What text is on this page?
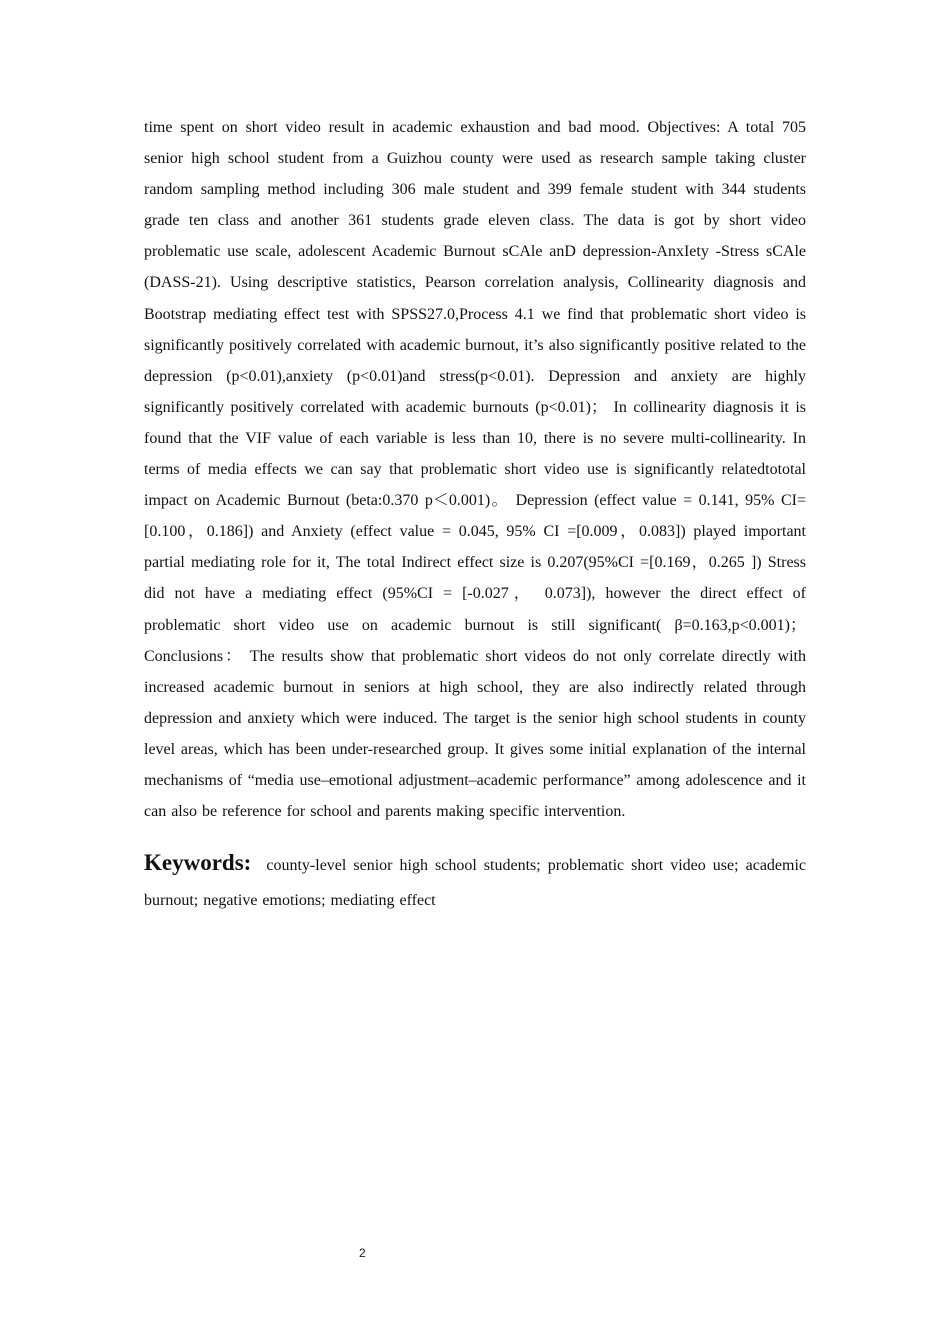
time spent on short video result in academic exhaustion and bad mood. Objectives: A total 705 senior high school student from a Guizhou county were used as research sample taking cluster random sampling method including 306 male student and 399 female student with 344 students grade ten class and another 361 students grade eleven class. The data is got by short video problematic use scale, adolescent Academic Burnout sCAle anD depression-AnxIety -Stress sCAle (DASS-21). Using descriptive statistics, Pearson correlation analysis, Collinearity diagnosis and Bootstrap mediating effect test with SPSS27.0,Process 4.1 we find that problematic short video is significantly positively correlated with academic burnout, it’s also significantly positive related to the depression (p<0.01),anxiety (p<0.01)and stress(p<0.01). Depression and anxiety are highly significantly positively correlated with academic burnouts (p<0.01)； In collinearity diagnosis it is found that the VIF value of each variable is less than 10, there is no severe multi-collinearity. In terms of media effects we can say that problematic short video use is significantly relatedtototal impact on Academic Burnout (beta:0.370 p＜0.001)。 Depression (effect value = 0.141, 95% CI=[0.100，0.186]) and Anxiety (effect value = 0.045, 95% CI =[0.009，0.083]) played important partial mediating role for it, The total Indirect effect size is 0.207(95%CI =[0.169，0.265 ]) Stress did not have a mediating effect (95%CI = [-0.027， 0.073]), however the direct effect of problematic short video use on academic burnout is still significant( β=0.163,p<0.001)； Conclusions： The results show that problematic short videos do not only correlate directly with increased academic burnout in seniors at high school, they are also indirectly related through depression and anxiety which were induced. The target is the senior high school students in county level areas, which has been under-researched group. It gives some initial explanation of the internal mechanisms of “media use–emotional adjustment–academic performance” among adolescence and it can also be reference for school and parents making specific intervention.

Keywords: county-level senior high school students; problematic short video use; academic burnout; negative emotions; mediating effect

2
